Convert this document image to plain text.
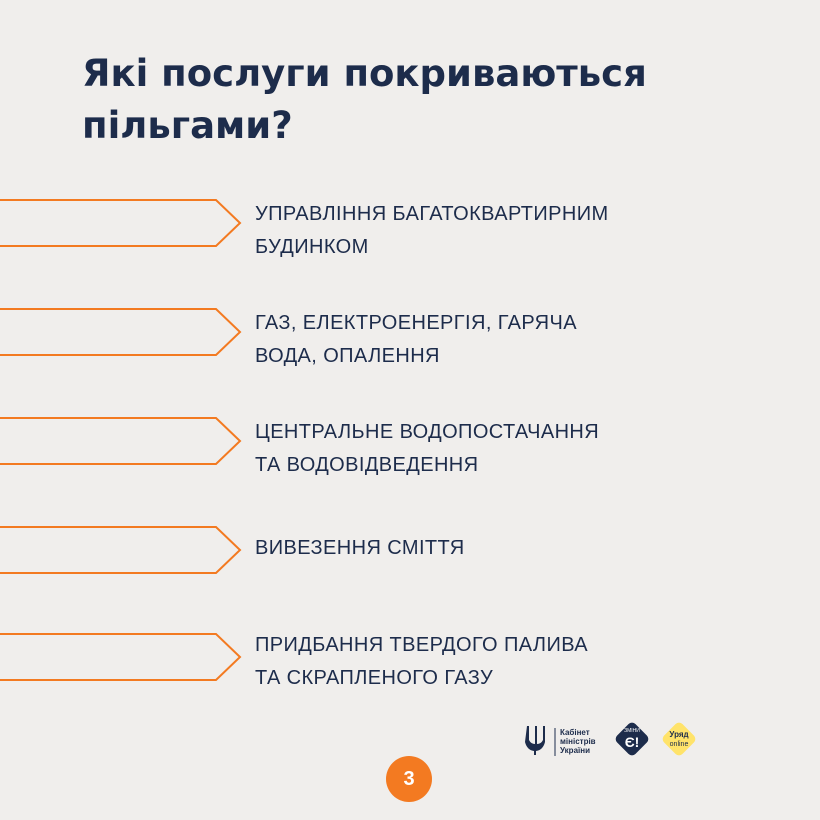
Які послуги покриваються пільгами?
УПРАВЛІННЯ БАГАТОКВАРТИРНИМ
БУДИНКОМ
ГАЗ, ЕЛЕКТРОЕНЕРГІЯ, ГАРЯЧА
ВОДА, ОПАЛЕННЯ
ЦЕНТРАЛЬНЕ ВОДОПОСТАЧАННЯ
ТА ВОДОВІДВЕДЕННЯ
ВИВЕЗЕННЯ СМІТТЯ
ПРИДБАННЯ ТВЕРДОГО ПАЛИВА
ТА СКРАПЛЕНОГО ГАЗУ
Кабінет
міністрів
України
ЗМІНИ
Є!	Уряд
online
3
